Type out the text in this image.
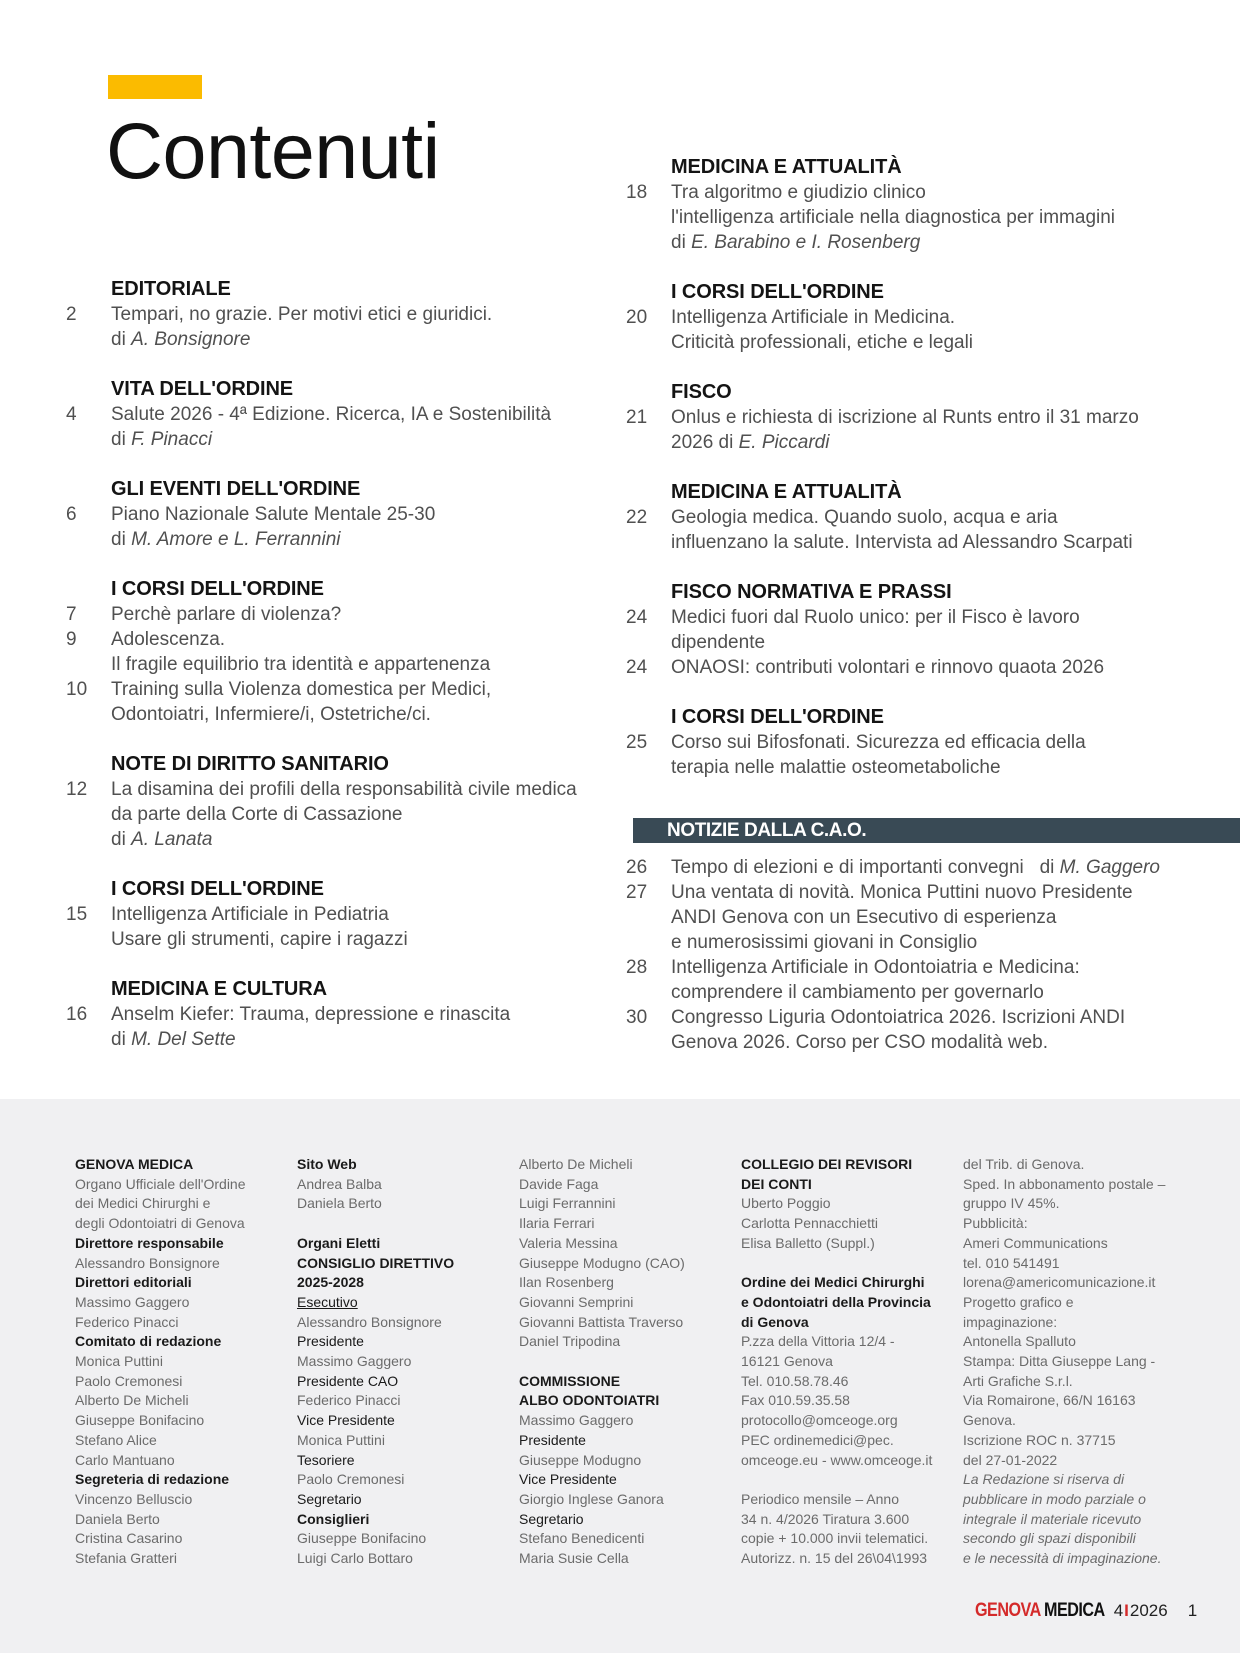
Contenuti
EDITORIALE
2	Tempari, no grazie. Per motivi etici e giuridici.
di A. Bonsignore
VITA DELL'ORDINE
4	Salute 2026 - 4ª Edizione. Ricerca, IA e Sostenibilità
di F. Pinacci
GLI EVENTI DELL'ORDINE
6	Piano Nazionale Salute Mentale 25-30
di M. Amore e L. Ferrannini
I CORSI DELL'ORDINE
7	Perchè parlare di violenza?
9	Adolescenza.
Il fragile equilibrio tra identità e appartenenza
10	Training sulla Violenza domestica per Medici,
Odontoiatri, Infermiere/i, Ostetriche/ci.
NOTE DI DIRITTO SANITARIO
12	La disamina dei profili della responsabilità civile medica
da parte della Corte di Cassazione
di A. Lanata
I CORSI DELL'ORDINE
15	Intelligenza Artificiale in Pediatria
Usare gli strumenti, capire i ragazzi
MEDICINA E CULTURA
16	Anselm Kiefer: Trauma, depressione e rinascita
di M. Del Sette
MEDICINA E ATTUALITÀ
18	Tra algoritmo e giudizio clinico
l'intelligenza artificiale nella diagnostica per immagini
di E. Barabino e I. Rosenberg
I CORSI DELL'ORDINE
20	Intelligenza Artificiale in Medicina.
Criticità professionali, etiche e legali
FISCO
21	Onlus e richiesta di iscrizione al Runts entro il 31 marzo
2026 di E. Piccardi
MEDICINA E ATTUALITÀ
22	Geologia medica. Quando suolo, acqua e aria
influenzano la salute. Intervista ad Alessandro Scarpati
FISCO NORMATIVA E PRASSI
24	Medici fuori dal Ruolo unico: per il Fisco è lavoro
dipendente
24	ONAOSI: contributi volontari e rinnovo quaota 2026
I CORSI DELL'ORDINE
25	Corso sui Bifosfonati. Sicurezza ed efficacia della
terapia nelle malattie osteometaboliche
NOTIZIE DALLA C.A.O.
26	Tempo di elezioni e di importanti convegni   di M. Gaggero
27	Una ventata di novità. Monica Puttini nuovo Presidente
ANDI Genova con un Esecutivo di esperienza
e numerosissimi giovani in Consiglio
28	Intelligenza Artificiale in Odontoiatria e Medicina:
comprendere il cambiamento per governarlo
30	Congresso Liguria Odontoiatrica 2026. Iscrizioni ANDI
Genova 2026. Corso per CSO modalità web.
GENOVA MEDICA
Organo Ufficiale dell'Ordine
dei Medici Chirurghi e
degli Odontoiatri di Genova
Direttore responsabile
Alessandro Bonsignore
Direttori editoriali
Massimo Gaggero
Federico Pinacci
Comitato di redazione
Monica Puttini
Paolo Cremonesi
Alberto De Micheli
Giuseppe Bonifacino
Stefano Alice
Carlo Mantuano
Segreteria di redazione
Vincenzo Belluscio
Daniela Berto
Cristina Casarino
Stefania Gratteri
Sito Web
Andrea Balba
Daniela Berto
Organi Eletti
CONSIGLIO DIRETTIVO
2025-2028
Esecutivo
Alessandro Bonsignore
Presidente
Massimo Gaggero
Presidente CAO
Federico Pinacci
Vice Presidente
Monica Puttini
Tesoriere
Paolo Cremonesi
Segretario
Consiglieri
Giuseppe Bonifacino
Luigi Carlo Bottaro
Alberto De Micheli
Davide Faga
Luigi Ferrannini
Ilaria Ferrari
Valeria Messina
Giuseppe Modugno (CAO)
Ilan Rosenberg
Giovanni Semprini
Giovanni Battista Traverso
Daniel Tripodina
COMMISSIONE
ALBO ODONTOIATRI
Massimo Gaggero
Presidente
Giuseppe Modugno
Vice Presidente
Giorgio Inglese Ganora
Segretario
Stefano Benedicenti
Maria Susie Cella
COLLEGIO DEI REVISORI
DEI CONTI
Uberto Poggio
Carlotta Pennacchietti
Elisa Balletto (Suppl.)
Ordine dei Medici Chirurghi
e Odontoiatri della Provincia
di Genova
P.zza della Vittoria 12/4 -
16121 Genova
Tel. 010.58.78.46
Fax 010.59.35.58
protocollo@omceoge.org
PEC ordinemedici@pec.
omceoge.eu - www.omceoge.it
Periodico mensile – Anno
34 n. 4/2026 Tiratura 3.600
copie + 10.000 invii telematici.
Autorizz. n. 15 del 26\04\1993
del Trib. di Genova.
Sped. In abbonamento postale –
gruppo IV 45%.
Pubblicità:
Ameri Communications
tel. 010 541491
lorena@americomunicazione.it
Progetto grafico e
impaginazione:
Antonella Spalluto
Stampa: Ditta Giuseppe Lang -
Arti Grafiche S.r.l.
Via Romairone, 66/N 16163
Genova.
Iscrizione ROC n. 37715
del 27-01-2022
La Redazione si riserva di
pubblicare in modo parziale o
integrale il materiale ricevuto
secondo gli spazi disponibili
e le necessità di impaginazione.
GENOVA MEDICA 4 I 2026 1
